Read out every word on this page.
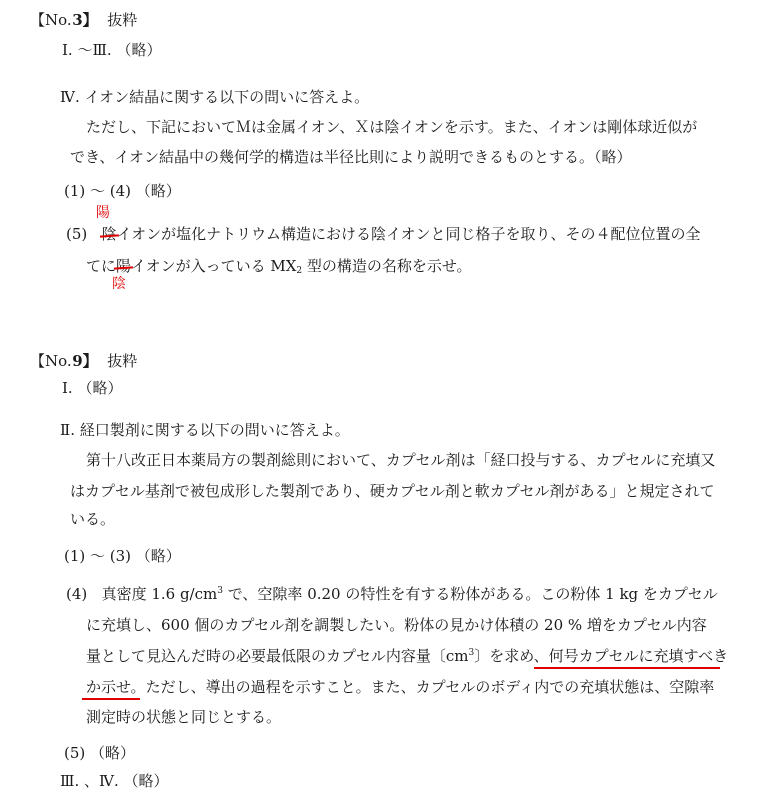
【No.3】 抜粋
Ⅰ. ～Ⅲ. （略）
Ⅳ. イオン結晶に関する以下の問いに答えよ。
ただし、下記においてＭは金属イオン、Ｘは陰イオンを示す。また、イオンは剛体球近似が
でき、イオン結晶中の幾何学的構造は半径比則により説明できるものとする。（略）
(1) ～ (4) （略）
陽
(5) 陰イオンが塩化ナトリウム構造における陰イオンと同じ格子を取り、その４配位位置の全
てに陽イオンが入っている $MX_2$ 型の構造の名称を示せ。
陰
【No.9】 抜粋
Ⅰ. （略）
Ⅱ. 経口製剤に関する以下の問いに答えよ。
第十八改正日本薬局方の製剤総則において、カプセル剤は「経口投与する、カプセルに充填又
はカプセル基剤で被包成形した製剤であり、硬カプセル剤と軟カプセル剤がある」と規定されて
いる。
(1) ～ (3) （略）
(4) 真密度 1.6 $g/cm^3$ で、空隙率 0.20 の特性を有する粉体がある。この粉体 1 kg をカプセル
に充填し、600 個のカプセル剤を調製したい。粉体の見かけ体積の 20 % 増をカプセル内容
量として見込んだ時の必要最低限のカプセル内容量〔$cm^3$〕を求め、何号カプセルに充填すべき
か示せ。ただし、導出の過程を示すこと。また、カプセルのボディ内での充填状態は、空隙率
測定時の状態と同じとする。
(5) （略）
Ⅲ. 、Ⅳ. （略）
